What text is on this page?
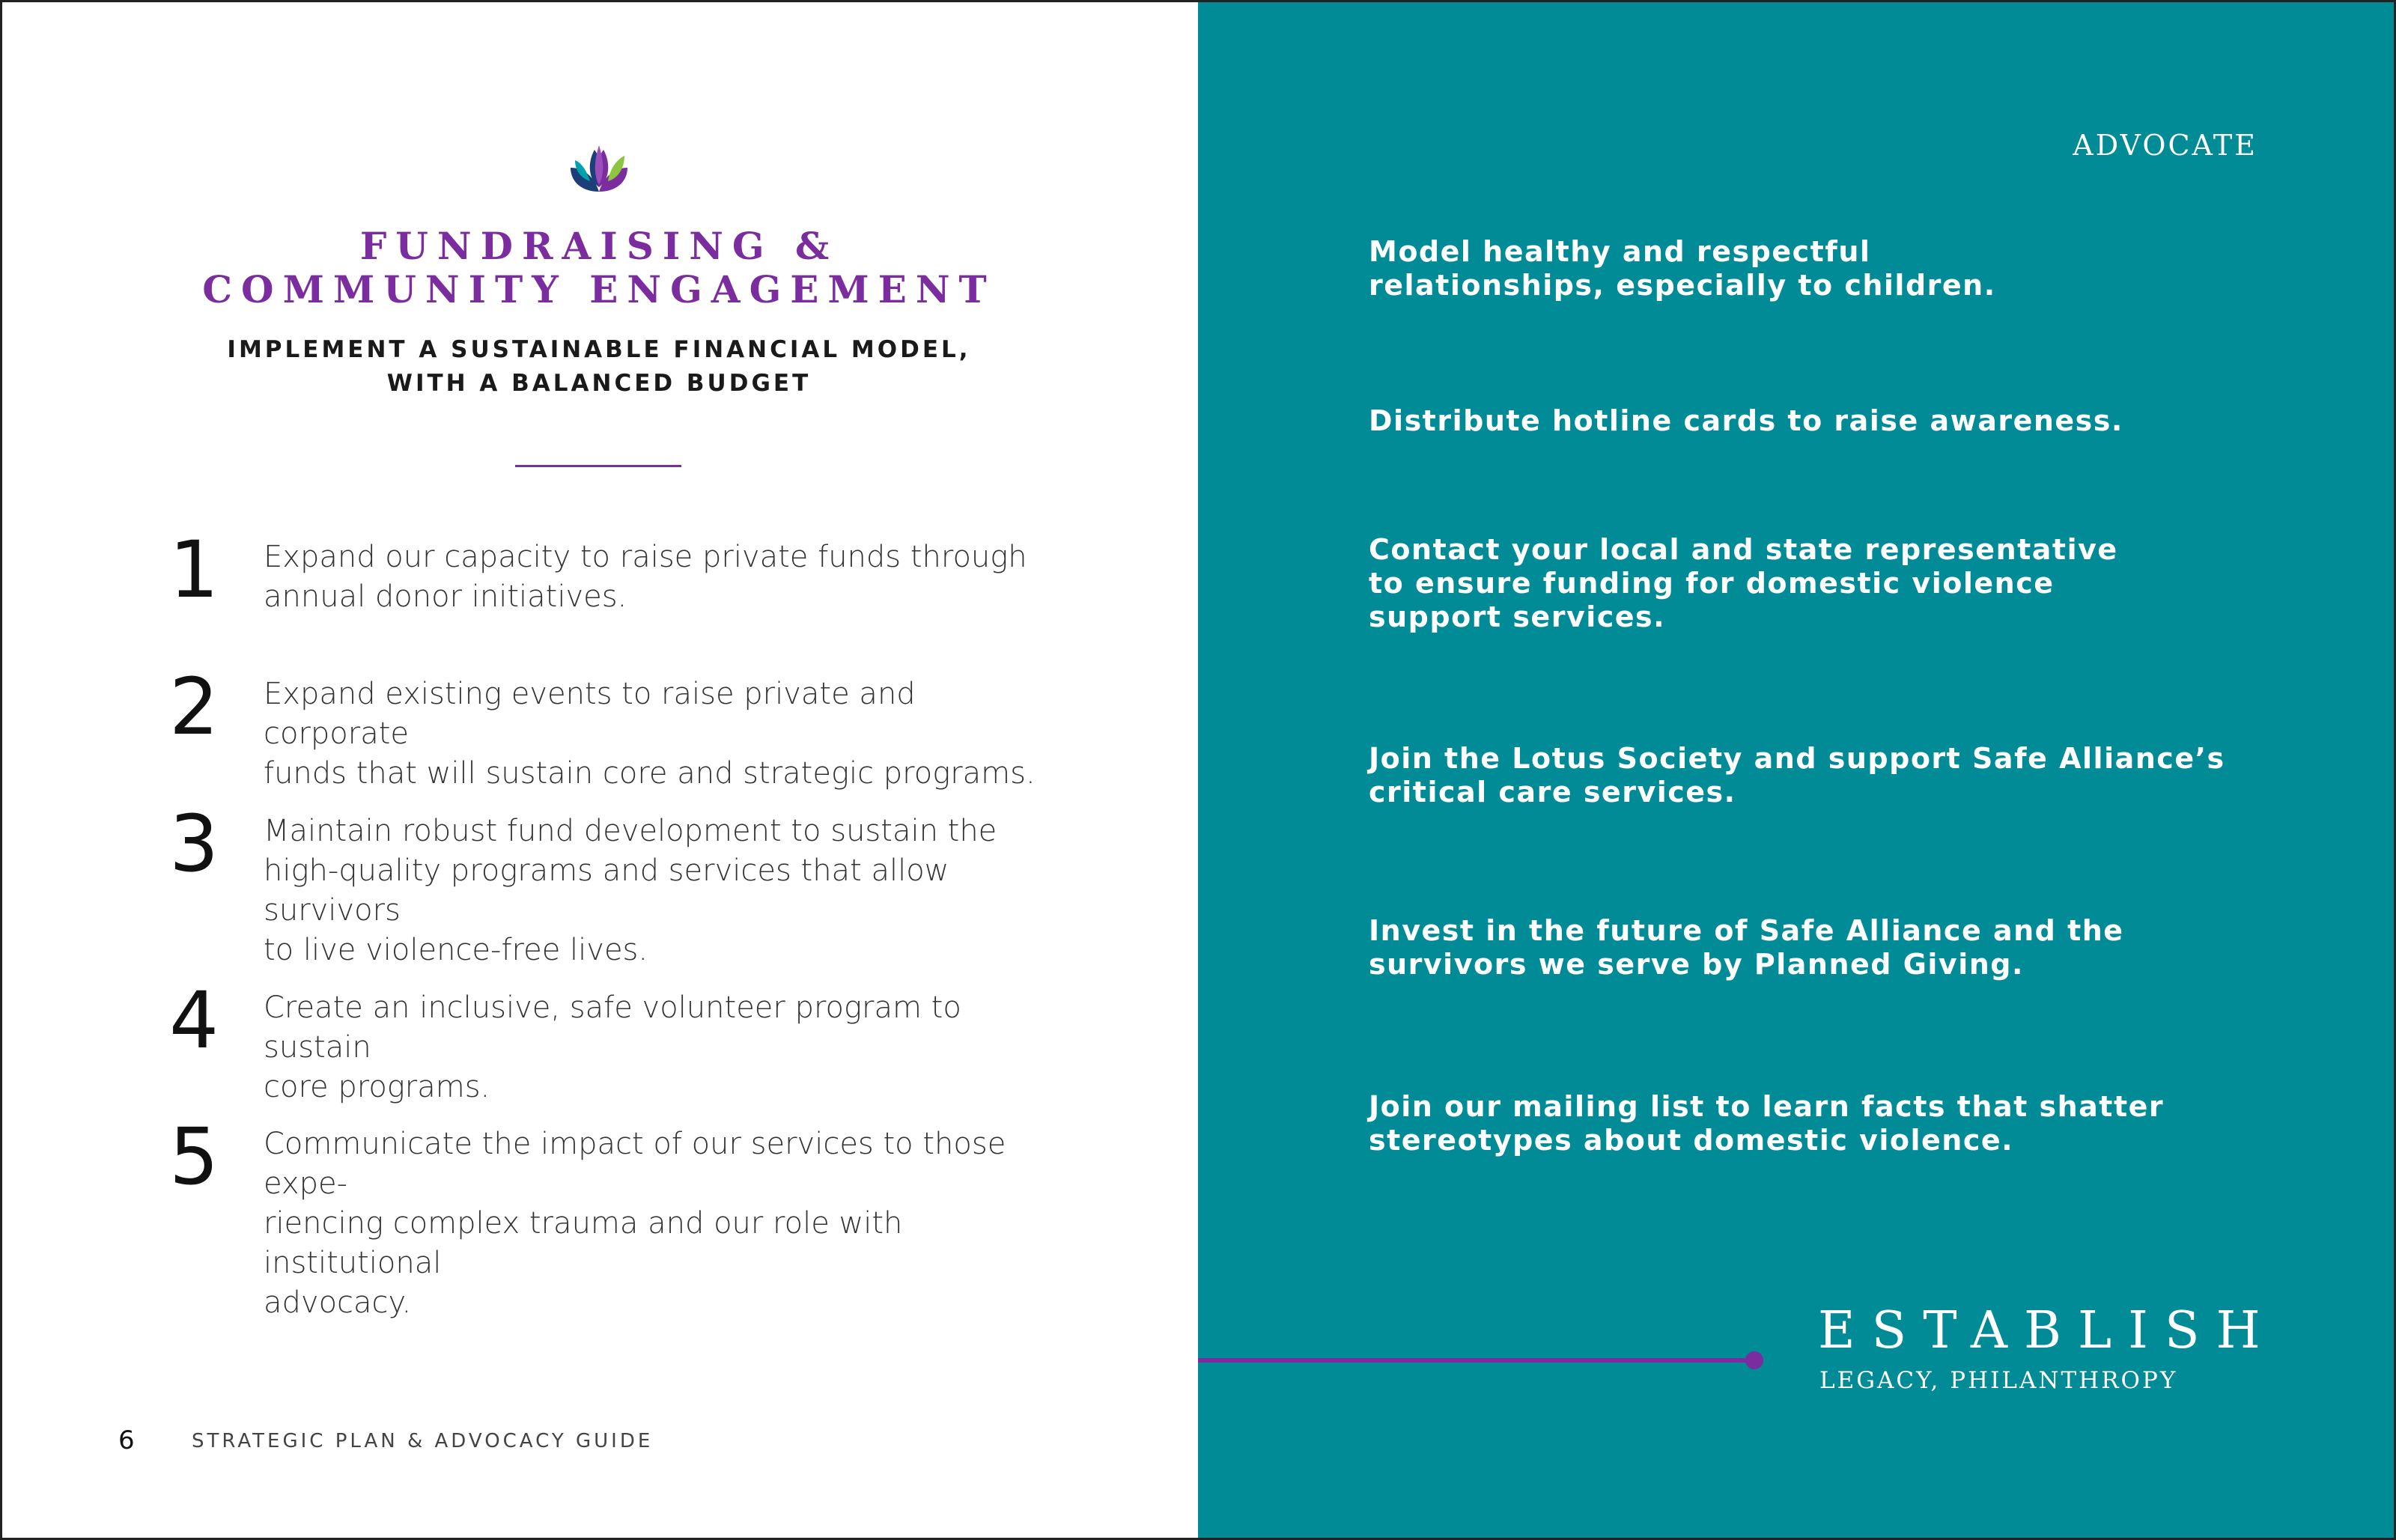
FUNDRAISING &
COMMUNITY ENGAGEMENT
IMPLEMENT A SUSTAINABLE FINANCIAL MODEL,
WITH A BALANCED BUDGET
1 Expand our capacity to raise private funds through
annual donor initiatives.
2 Expand existing events to raise private and corporate
funds that will sustain core and strategic programs.
3 Maintain robust fund development to sustain the
high-quality programs and services that allow survivors
to live violence-free lives.
4 Create an inclusive, safe volunteer program to sustain
core programs.
5 Communicate the impact of our services to those expe-
riencing complex trauma and our role with institutional
advocacy.
6	STRATEGIC PLAN & ADVOCACY GUIDE
ADVOCATE
Model healthy and respectful
relationships, especially to children.
Distribute hotline cards to raise awareness.
Contact your local and state representative
to ensure funding for domestic violence
support services.
Join the Lotus Society and support Safe Alliance’s
critical care services.
Invest in the future of Safe Alliance and the
survivors we serve by Planned Giving.
Join our mailing list to learn facts that shatter
stereotypes about domestic violence.
ESTABLISH
LEGACY, PHILANTHROPY
